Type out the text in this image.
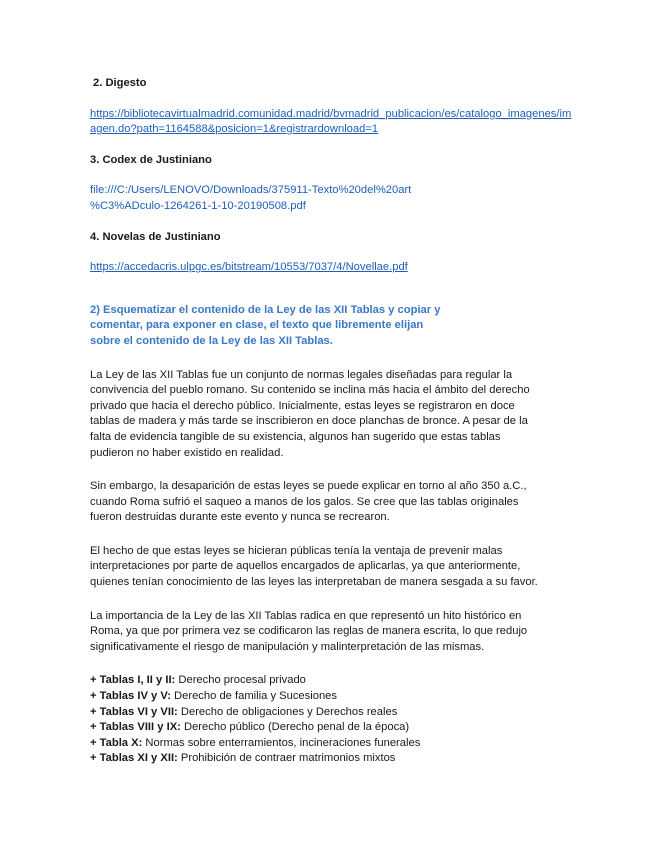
2. Digesto
https://bibliotecavirtualmadrid.comunidad.madrid/bvmadrid_publicacion/es/catalogo_imagenes/imagen.do?path=1164588&posicion=1&registrardownload=1
3. Codex de Justiniano
file:///C:/Users/LENOVO/Downloads/375911-Texto%20del%20art
%C3%ADculo-1264261-1-10-20190508.pdf
4. Novelas de Justiniano
https://accedacris.ulpgc.es/bitstream/10553/7037/4/Novellae.pdf
2) Esquematizar el contenido de la Ley de las XII Tablas y copiar y
comentar, para exponer en clase, el texto que libremente elijan
sobre el contenido de la Ley de las XII Tablas.

La Ley de las XII Tablas fue un conjunto de normas legales diseñadas para regular la

convivencia del pueblo romano. Su contenido se inclina más hacia el ámbito del derecho

privado que hacia el derecho público. Inicialmente, estas leyes se registraron en doce

tablas de madera y más tarde se inscribieron en doce planchas de bronce. A pesar de la

falta de evidencia tangible de su existencia, algunos han sugerido que estas tablas

pudieron no haber existido en realidad.

Sin embargo, la desaparición de estas leyes se puede explicar en torno al año 350 a.C.,

cuando Roma sufrió el saqueo a manos de los galos. Se cree que las tablas originales

fueron destruidas durante este evento y nunca se recrearon.

El hecho de que estas leyes se hicieran públicas tenía la ventaja de prevenir malas

interpretaciones por parte de aquellos encargados de aplicarlas, ya que anteriormente,

quienes tenían conocimiento de las leyes las interpretaban de manera sesgada a su favor.

La importancia de la Ley de las XII Tablas radica en que representó un hito histórico en

Roma, ya que por primera vez se codificaron las reglas de manera escrita, lo que redujo

significativamente el riesgo de manipulación y malinterpretación de las mismas.

+ Tablas I, II y II: Derecho procesal privado
+ Tablas IV y V: Derecho de familia y Sucesiones
+ Tablas VI y VII: Derecho de obligaciones y Derechos reales
+ Tablas VIII y IX: Derecho público (Derecho penal de la época)
+ Tabla X: Normas sobre enterramientos, incineraciones funerales
+ Tablas XI y XII: Prohibición de contraer matrimonios mixtos
